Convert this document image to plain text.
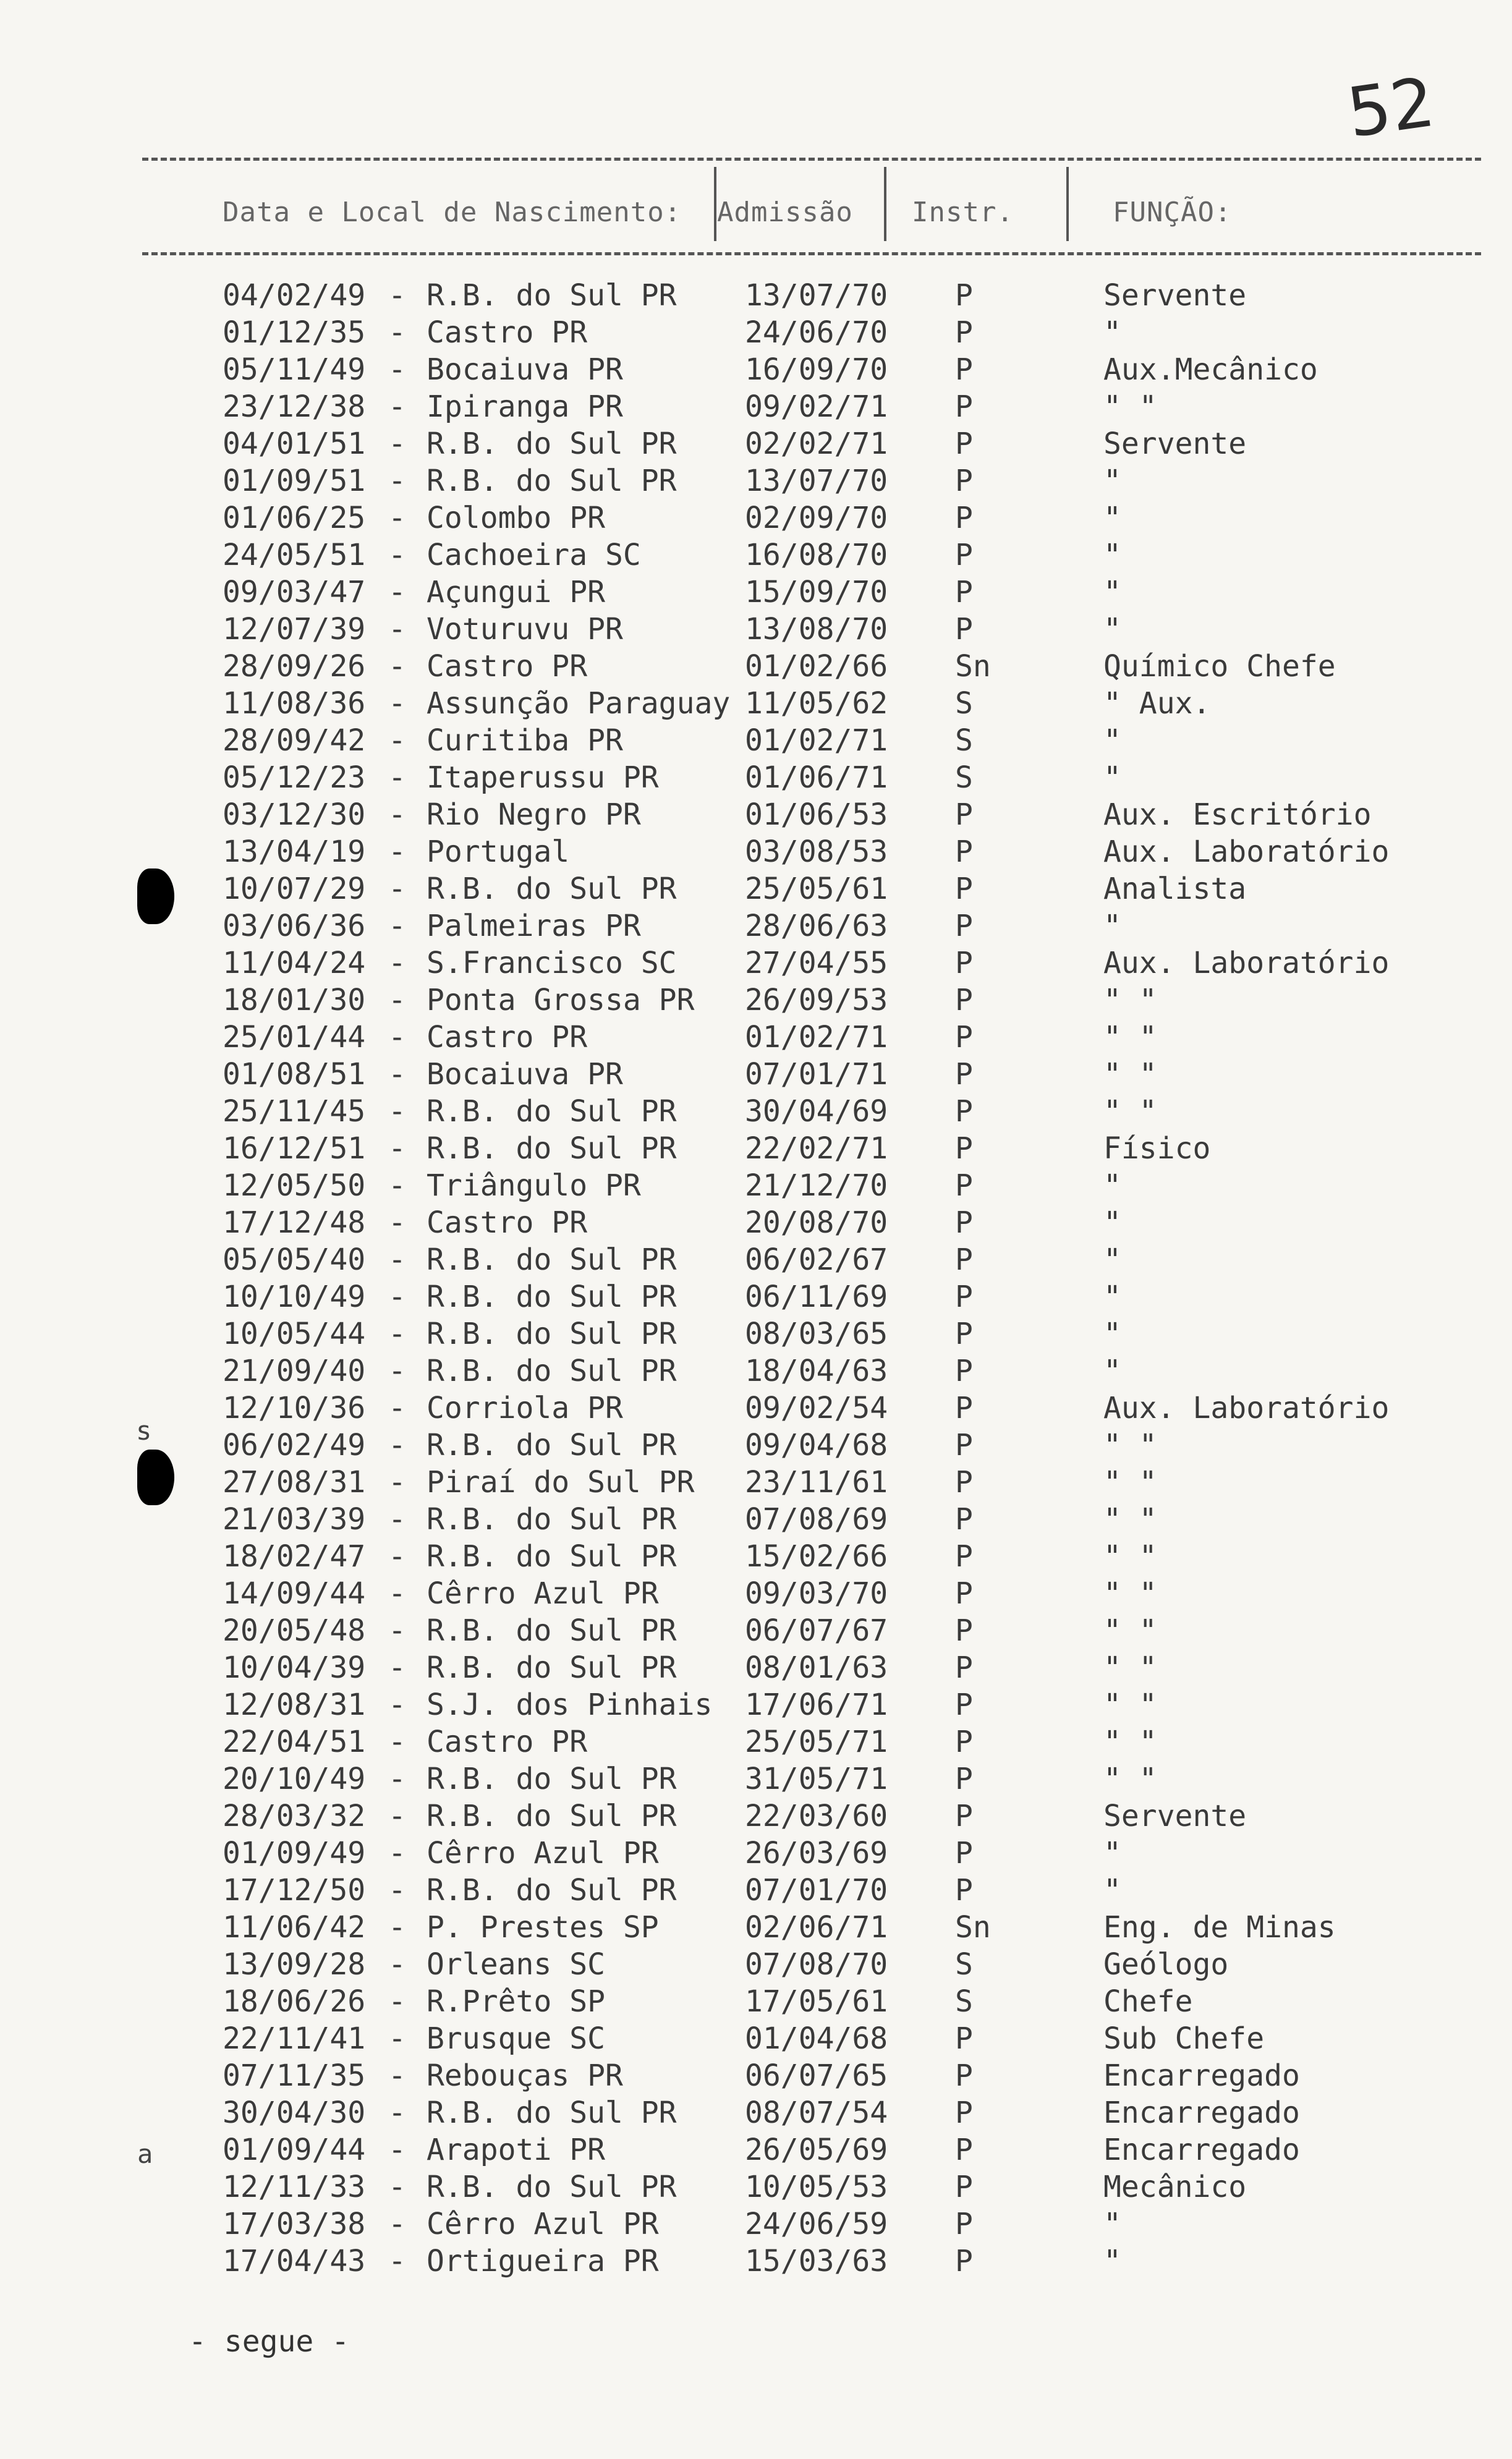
52
Data e Local de Nascimento: Admissão Instr.	FUNÇÃO:
-
04/02/49 R.B. do Sul PR 13/07/70 P	Servente
-
01/12/35 Castro PR	24/06/70 P	"
-
05/11/49 Bocaiuva PR	16/09/70 P	Aux.Mecânico
-
23/12/38 Ipiranga PR	09/02/71 P	" "
-
04/01/51 R.B. do Sul PR 02/02/71 P	Servente
-
01/09/51 R.B. do Sul PR 13/07/70 P	"
-
01/06/25 Colombo PR	02/09/70 P	"
-
24/05/51 Cachoeira SC	16/08/70 P	"
-
09/03/47 Açungui PR	15/09/70 P	"
-
12/07/39 Voturuvu PR	13/08/70 P	"
-
28/09/26 Castro PR	01/02/66 Sn	Químico Chefe
-
11/08/36 Assunção Paraguay 11/05/62 S	" Aux.
-
28/09/42 Curitiba PR	01/02/71 S	"
-
05/12/23 Itaperussu PR	01/06/71 S	"
-
03/12/30 Rio Negro PR	01/06/53 P	Aux. Escritório
-
13/04/19 Portugal	03/08/53 P	Aux. Laboratório
-
10/07/29 R.B. do Sul PR 25/05/61 P	Analista
-
03/06/36 Palmeiras PR	28/06/63 P	"
-
11/04/24 S.Francisco SC 27/04/55 P	Aux. Laboratório
-
18/01/30 Ponta Grossa PR 26/09/53 P	" "
-
25/01/44 Castro PR	01/02/71 P	" "
-
01/08/51 Bocaiuva PR	07/01/71 P	" "
-
25/11/45 R.B. do Sul PR 30/04/69 P	" "
-
16/12/51 R.B. do Sul PR 22/02/71 P	Físico
-
12/05/50 Triângulo PR	21/12/70 P	"
-
17/12/48 Castro PR	20/08/70 P	"
-
05/05/40 R.B. do Sul PR 06/02/67 P	"
-
10/10/49 R.B. do Sul PR 06/11/69 P	"
-
10/05/44 R.B. do Sul PR 08/03/65 P	"
-
21/09/40 R.B. do Sul PR 18/04/63 P	"
-
12/10/36 Corriola PR	09/02/54 P	Aux. Laboratório
-
06/02/49 R.B. do Sul PR 09/04/68 P	" "
-
27/08/31 Piraí do Sul PR 23/11/61 P	" "
-
21/03/39 R.B. do Sul PR 07/08/69 P	" "
-
18/02/47 R.B. do Sul PR 15/02/66 P	" "
-
14/09/44 Cêrro Azul PR	09/03/70 P	" "
-
20/05/48 R.B. do Sul PR 06/07/67 P	" "
-
10/04/39 R.B. do Sul PR 08/01/63 P	" "
-
12/08/31 S.J. dos Pinhais 17/06/71 P	" "
-
22/04/51 Castro PR	25/05/71 P	" "
-
20/10/49 R.B. do Sul PR 31/05/71 P	" "
-
28/03/32 R.B. do Sul PR 22/03/60 P	Servente
-
01/09/49 Cêrro Azul PR	26/03/69 P	"
-
17/12/50 R.B. do Sul PR 07/01/70 P	"
-
11/06/42 P. Prestes SP	02/06/71 Sn	Eng. de Minas
-
13/09/28 Orleans SC	07/08/70 S	Geólogo
-
18/06/26 R.Prêto SP	17/05/61 S	Chefe
-
22/11/41 Brusque SC	01/04/68 P	Sub Chefe
-
07/11/35 Rebouças PR	06/07/65 P	Encarregado
-
30/04/30 R.B. do Sul PR 08/07/54 P	Encarregado
-
01/09/44 Arapoti PR	26/05/69 P	Encarregado
-
12/11/33 R.B. do Sul PR 10/05/53 P	Mecânico
-
17/03/38 Cêrro Azul PR	24/06/59 P	"
-
17/04/43 Ortigueira PR	15/03/63 P	"
s
a
- segue -
